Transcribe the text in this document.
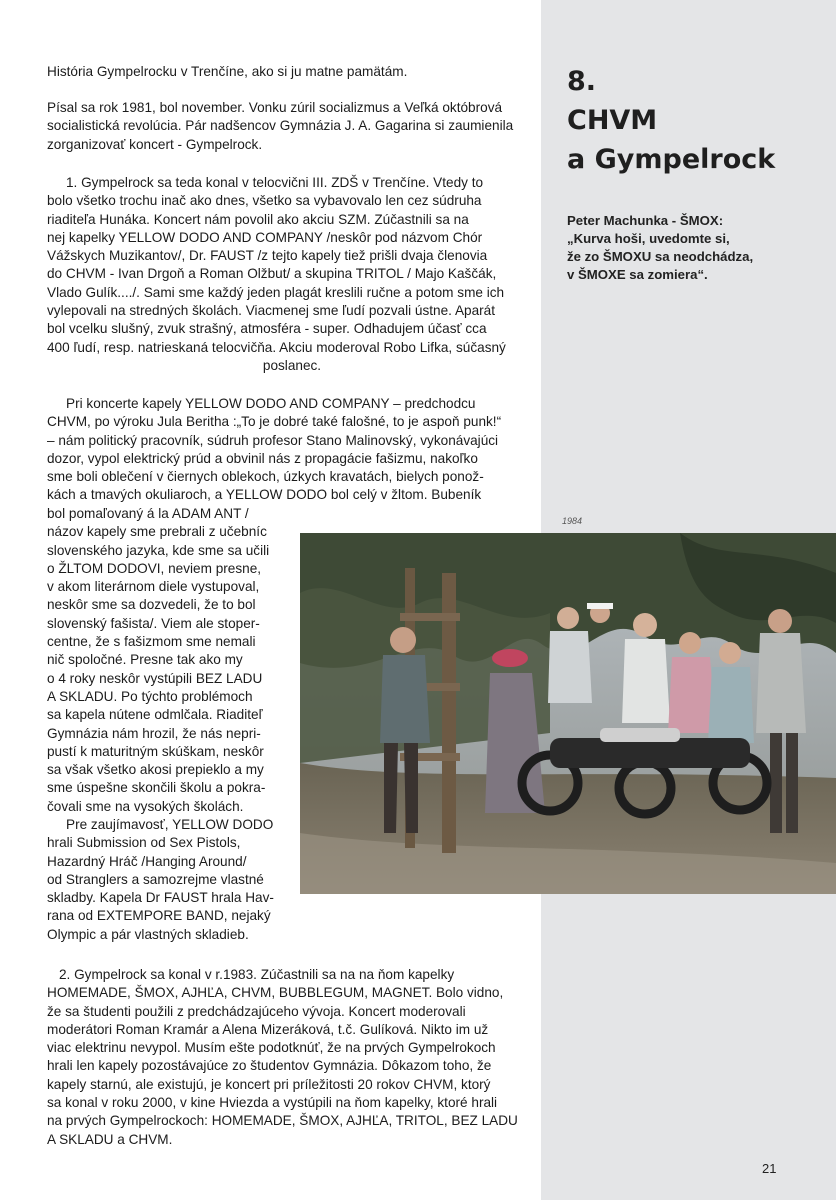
8.
CHVM
a Gympelrock
Peter Machunka - ŠMOX:
„Kurva hoši, uvedomte si,
že zo ŠMOXU sa neodchádza,
v ŠMOXE sa zomiera“.
História Gympelrocku v Trenčíne, ako si ju matne pamätám.
Písal sa rok 1981, bol november. Vonku zúril socializmus a Veľká októbrová
socialistická revolúcia. Pár nadšencov Gymnázia J. A. Gagarina si zaumienila
zorganizovať koncert - Gympelrock.
1. Gympelrock sa teda konal v telocvični III. ZDŠ v Trenčíne. Vtedy to
bolo všetko trochu inač ako dnes, všetko sa vybavovalo len cez súdruha
riaditeľa Hunáka. Koncert nám povolil ako akciu SZM. Zúčastnili sa na
nej kapelky YELLOW DODO AND COMPANY /neskôr pod názvom Chór
Vážskych Muzikantov/, Dr. FAUST /z tejto kapely tiež prišli dvaja členovia
do CHVM - Ivan Drgoň a Roman Olžbut/ a skupina TRITOL / Majo Kaščák,
Vlado Gulík..../. Sami sme každý jeden plagát kreslili ručne a potom sme ich
vylepovali na stredných školách. Viacmenej sme ľudí pozvali ústne. Aparát
bol vcelku slušný, zvuk strašný, atmosféra - super. Odhadujem účasť cca
400 ľudí, resp. natrieskaná telocvičňa. Akciu moderoval Robo Lifka, súčasný
poslanec.
Pri koncerte kapely YELLOW DODO AND COMPANY – predchodcu
CHVM, po výroku Jula Beritha :„To je dobré také falošné, to je aspoň punk!“
– nám politický pracovník, súdruh profesor Stano Malinovský, vykonávajúci
dozor, vypol elektrický prúd a obvinil nás z propagácie fašizmu, nakoľko
sme boli oblečení v čiernych oblekoch, úzkych kravatách, bielych ponož-
kách a tmavých okuliaroch, a YELLOW DODO bol celý v žltom. Bubeník
bol pomaľovaný á la ADAM ANT /
názov kapely sme prebrali z učebníc
slovenského jazyka, kde sme sa učili
o ŽLTOM DODOVI, neviem presne,
v akom literárnom diele vystupoval,
neskôr sme sa dozvedeli, že to bol
slovenský fašista/. Viem ale stoper-
centne, že s fašizmom sme nemali
nič spoločné. Presne tak ako my
o 4 roky neskôr vystúpili BEZ LADU
A SKLADU. Po týchto problémoch
sa kapela nútene odmlčala. Riaditeľ
Gymnázia nám hrozil, že nás nepri-
pustí k maturitným skúškam, neskôr
sa však všetko akosi prepieklo a my
sme úspešne skončili školu a pokra-
čovali sme na vysokých školách.
Pre zaujímavosť, YELLOW DODO
hrali Submission od Sex Pistols,
Hazardný Hráč /Hanging Around/
od Stranglers a samozrejme vlastné
skladby. Kapela Dr FAUST hrala Hav-
rana od EXTEMPORE BAND, nejaký
Olympic a pár vlastných skladieb.
2. Gympelrock sa konal v r.1983. Zúčastnili sa na na ňom kapelky
HOMEMADE, ŠMOX, AJHĽA, CHVM, BUBBLEGUM, MAGNET. Bolo vidno,
že sa študenti použili z predchádzajúceho vývoja. Koncert moderovali
moderátori Roman Kramár a Alena Mizeráková, t.č. Gulíková. Nikto im už
viac elektrinu nevypol. Musím ešte podotknúť, že na prvých Gympelrokoch
hrali len kapely pozostávajúce zo študentov Gymnázia. Dôkazom toho, že
kapely starnú, ale existujú, je koncert pri príležitosti 20 rokov CHVM, ktorý
sa konal v roku 2000, v kine Hviezda a vystúpili na ňom kapelky, ktoré hrali
na prvých Gympelrockoch: HOMEMADE, ŠMOX, AJHĽA, TRITOL, BEZ LADU
A SKLADU a CHVM.
1984
21
